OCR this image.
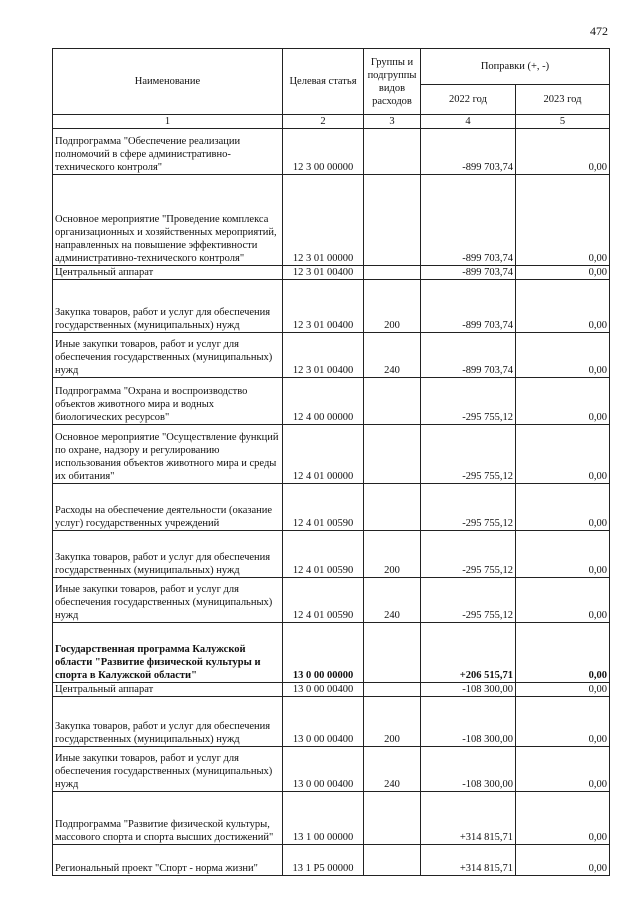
472
Наименование	Целевая статья	Группы и подгруппы видов расходов	Поправки (+, -)	
			2022 год	2023 год
1	2	3	4	5
Подпрограмма "Обеспечение реализации полномочий в сфере административно-технического контроля"	12 3 00 00000		-899 703,74	0,00
Основное мероприятие "Проведение комплекса организационных и хозяйственных мероприятий, направленных на повышение эффективности административно-технического контроля"	12 3 01 00000		-899 703,74	0,00
Центральный аппарат	12 3 01 00400		-899 703,74	0,00
Закупка товаров, работ и услуг для обеспечения государственных (муниципальных) нужд	12 3 01 00400	200	-899 703,74	0,00
Иные закупки товаров, работ и услуг для обеспечения государственных (муниципальных) нужд	12 3 01 00400	240	-899 703,74	0,00
Подпрограмма "Охрана и воспроизводство объектов животного мира и водных биологических ресурсов"	12 4 00 00000		-295 755,12	0,00
Основное мероприятие "Осуществление функций по охране, надзору и регулированию использования объектов животного мира и среды их обитания"	12 4 01 00000		-295 755,12	0,00
Расходы на обеспечение деятельности (оказание услуг) государственных учреждений	12 4 01 00590		-295 755,12	0,00
Закупка товаров, работ и услуг для обеспечения государственных (муниципальных) нужд	12 4 01 00590	200	-295 755,12	0,00
Иные закупки товаров, работ и услуг для обеспечения государственных (муниципальных) нужд	12 4 01 00590	240	-295 755,12	0,00
Государственная программа Калужской области "Развитие физической культуры и спорта в Калужской области"	13 0 00 00000		+206 515,71	0,00
Центральный аппарат	13 0 00 00400		-108 300,00	0,00
Закупка товаров, работ и услуг для обеспечения государственных (муниципальных) нужд	13 0 00 00400	200	-108 300,00	0,00
Иные закупки товаров, работ и услуг для обеспечения государственных (муниципальных) нужд	13 0 00 00400	240	-108 300,00	0,00
Подпрограмма "Развитие физической культуры, массового спорта и спорта высших достижений"	13 1 00 00000		+314 815,71	0,00
Региональный проект "Спорт - норма жизни"	13 1 P5 00000		+314 815,71	0,00
